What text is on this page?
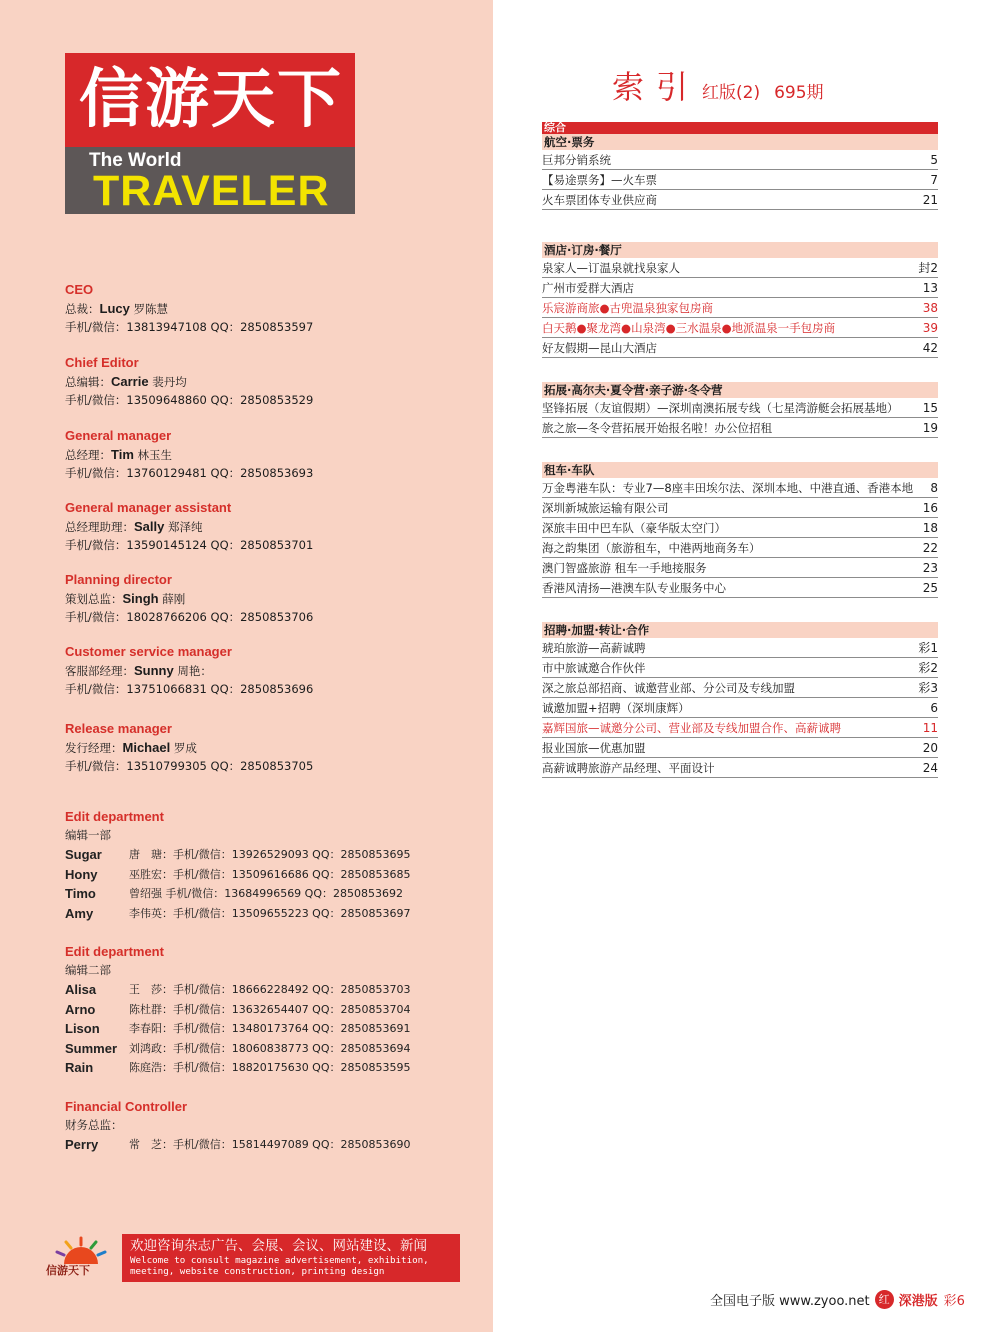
信游天下
The World
TRAVELER
CEO
总裁：Lucy 罗陈慧
手机/微信：13813947108 QQ：2850853597
Chief Editor
总编辑：Carrie 裴丹均
手机/微信：13509648860 QQ：2850853529
General manager
总经理：Tim 林玉生
手机/微信：13760129481 QQ：2850853693
General manager assistant
总经理助理：Sally 郑泽纯
手机/微信：13590145124 QQ：2850853701
Planning director
策划总监：Singh 薛刚
手机/微信：18028766206 QQ：2850853706
Customer service manager
客服部经理：Sunny 周艳：
手机/微信：13751066831 QQ：2850853696
Release manager
发行经理：Michael 罗成
手机/微信：13510799305 QQ：2850853705
Edit department
编辑一部
Sugar	唐　瑭：手机/微信：13926529093 QQ：2850853695
Hony	巫胜宏：手机/微信：13509616686 QQ：2850853685
Timo	曾绍强 手机/微信：13684996569 QQ：2850853692
Amy	李伟英：手机/微信：13509655223 QQ：2850853697
Edit department
编辑二部
Alisa	王　莎：手机/微信：18666228492 QQ：2850853703
Arno	陈杜群：手机/微信：13632654407 QQ：2850853704
Lison	李春阳：手机/微信：13480173764 QQ：2850853691
Summer	刘鸿政：手机/微信：18060838773 QQ：2850853694
Rain	陈庭浩：手机/微信：18820175630 QQ：2850853595
Financial Controller
财务总监：
Perry	常　芝：手机/微信：15814497089 QQ：2850853690
信游天下
欢迎咨询杂志广告、会展、会议、网站建设、新闻
Welcome to consult magazine advertisement, exhibition, meeting, website construction, printing design
索引 红版(2) 695期
综合
航空·票务
巨邦分销系统	5
【易途票务】—火车票	7
火车票团体专业供应商	21
酒店·订房·餐厅
泉家人—订温泉就找泉家人	封2
广州市爱群大酒店	13
乐宸游商旅●古兜温泉独家包房商	38
白天鹅●聚龙湾●山泉湾●三水温泉●地派温泉一手包房商	39
好友假期—昆山大酒店	42
拓展·高尔夫·夏令营·亲子游·冬令营
坚锋拓展（友谊假期）—深圳南澳拓展专线（七星湾游艇会拓展基地） 15
旅之旅—冬令营拓展开始报名啦！办公位招租	19
租车·车队
万金粤港车队：专业7—8座丰田埃尔法、深圳本地、中港直通、香港本地 8
深圳新城旅运输有限公司	16
深旅丰田中巴车队（豪华版太空门）	18
海之韵集团（旅游租车，中港两地商务车）	22
澳门智盛旅游 租车一手地接服务	23
香港风清扬—港澳车队专业服务中心	25
招聘·加盟·转让·合作
琥珀旅游—高薪诚聘	彩1
市中旅诚邀合作伙伴	彩2
深之旅总部招商、诚邀营业部、分公司及专线加盟	彩3
诚邀加盟+招聘（深圳康辉）	6
嘉辉国旅—诚邀分公司、营业部及专线加盟合作、高薪诚聘	11
报业国旅—优惠加盟	20
高薪诚聘旅游产品经理、平面设计	24
全国电子版 www.zyoo.net 红 深港版 彩6
